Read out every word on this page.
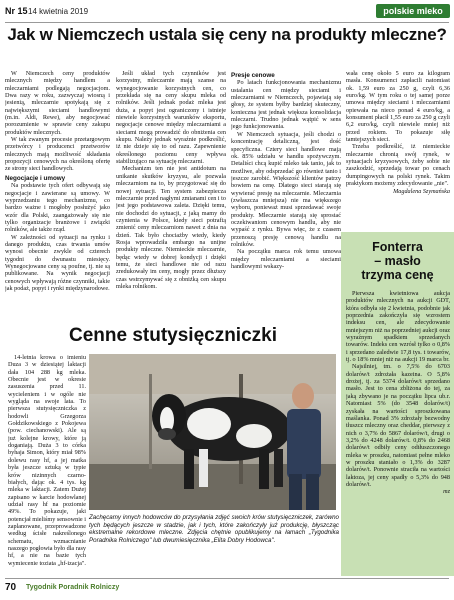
Nr 15 14 kwietnia 2019	polskie mleko
Jak w Niemczech ustala się ceny na produkty mleczne?

W Niemczech ceny produktów mlecznych między handlem a mleczarniami podlegają negocjacjom. Dwa razy w roku, zazwyczaj wiosną i jesienią, mleczarnie spotykają się z największymi sieciami handlowymi (m.in. Aldi, Rewe), aby negocjować porozumienie w sprawie ceny zakupu produktów mlecznych.

W tak zwanym procesie przetargowym przetwórcy i producenci przetworów mlecznych mają możliwość składania propozycji cenowych na określoną ofertę ze strony sieci handlowych.

Negocjacje i umowy

Na podstawie tych ofert odbywają się negocjacje i zawierane są umowy. W wyprzedzaniu tego mechanizmu, co bardzo ważne i mogłoby posłużyć jako wzór dla Polski, zaangażowały się nie tylko organizacje branżowe i związki rolników, ale także rząd.

W zależności od sytuacji na rynku i danego produktu, czas trwania umów wynosi obecnie zwykle od czterech tygodni do dwunastu miesięcy. Wynegocjowane ceny są poufne, tj. nie są publikowane. Na wynik negocjacji cenowych wpływają różne czynniki, takie jak podaż, popyt i rynki międzynarodowe.

Jeśli układ tych czynników jest korzystny, mleczarnie mają szanse na wynegocjowanie korzystnych cen, co przekłada się na ceny skupu mleka od rolników. Jeśli jednak podaż mleka jest duża, a popyt jest ograniczony i istnieje niewiele korzystnych warunków eksportu, negocjacje cenowe między mleczarniami a sieciami mogą prowadzić do obniżenia cen skupu. Należy jednak wyraźnie podkreślić, iż nie dzieje się to od razu. Zapewnienie określonego poziomu ceny wpływa stabilizująco na sytuację mleczarni.

Mechanizm ten nie jest antidotum na unikanie skutków kryzysu, ale pozwala mleczarniom na to, by przygotować się do nowej sytuacji. Ten system zabezpiecza mleczarnie przed nagłymi zmianami cen i to jest jego podstawowa zaleta. Dzięki temu, nie dochodzi do sytuacji, z jaką mamy do czynienia w Polsce, kiedy sieci potrafią zmienić ceny mleczarniom nawet z dnia na dzień. Tak było chociażby wtedy, kiedy Rosja wprowadziła embargo na unijne produkty mleczne. Niemieckie mleczarnie, będąc wtedy w dobrej kondycji i dzięki temu, że sieci handlowe nie od razu zredukowały im ceny, mogły przez dłuższy czas wstrzymywać się z obniżką cen skupu mleka rolnikom.

Presje cenowe

Po latach funkcjonowania mechanizmu ustalania cen między sieciami i mleczarniami w Niemczech, pojawiają się głosy, że system byłby bardziej skuteczny, konieczna jest jednak większa konsolidacja mleczarni. Trudno jednak wątpić w sens jego funkcjonowania.

W Niemczech sytuacja, jeśli chodzi o koncentrację detaliczną, jest dość specyficzna. Cztery sieci handlowe mają ok. 85% udziału w handlu spożywczym. Detaliści chcą kupić mleko tak tanio, jak to możliwe, aby odsprzedać go również tanio i jeszcze zarobić. Większość klientów patrzy bowiem na cenę. Dlatego sieci starają się wywierać presję na mleczarnie. Mleczarnia (zwłaszcza mniejsza) nie ma większego wyboru, ponieważ musi sprzedawać swoje produkty. Mleczarnie starają się sprostać oczekiwaniom cenowym handlu, aby nie wypaść z rynku. Bywa więc, że z czasem przenoszą presję cenową handlu na rolników.

Na początku marca rok temu umowa między mleczarniami a sieciami handlowymi wskazy-

wała cenę około 5 euro za kilogram masła. Konsumenci zapłacili natomiast ok. 1,59 euro za 250 g, czyli 6,36 euro/kg. W tym roku o tej samej porze umowa między sieciami i mleczarniami opiewała na nieco ponad 4 euro/kg, a konsument płacił 1,55 euro za 250 g czyli 6,2 euro/kg, czyli niewiele mniej niż przed rokiem. To pokazuje siłę tamtejszych sieci.

Trzeba podkreślić, iż niemieckie mleczarnie chronią swój rynek, w sytuacjach kryzysowych, żeby sobie nie zaszkodzić, sprzedają towar po cenach dumpingowych na polski rynek. Takim praktykom możemy zdecydowanie „nie".

Magdalena Szymańska
Fonterra
– masło
trzyma cenę

Pierwsza kwietniowa aukcja produktów mlecznych na aukcji GDT, która odbyła się 2 kwietnia, podobnie jak poprzednia zakończyła się wzrostem indeksu cen, ale zdecydowanie mniejszym niż na poprzedniej aukcji oraz wyraźnym spadkiem sprzedanych towarów. Indeks cen wzrósł tylko o 0,8% i sprzedano zaledwie 17,8 tys. t towarów, tj. o 18% mniej niż na aukcji 19 marca br.

Najsilniej, tm. o 7,5% do 6703 dolarów/t zdrożała kazeina. O 5,8% drożej, tj. za 5374 dolarów/t sprzedano masło. Jest to cena zbliżona do tej, za jaką zbywano je na początku lipca ub.r. Natomiast 5% (do 3548 dolarów/t) zyskała na wartości sproszkowana maślanka. Ponad 3% zdrożały bezwodny tłuszcz mleczny oraz cheddar, pierwszy z nich o 3,7% do 5867 dolarów/t, drugi o 3,2% do 4248 dolarów/t. 0,8% do 2468 dolarów/t odbiły ceny odtłuszczonego mleka w proszku, natomiast pełne mleko w proszku staniało o 1,3% do 3287 dolarów/t. Ponownie straciła na wartości laktoza, jej ceny spadły o 5,3% do 948 dolarów/t.

mz
Cenne stutysięczniczki

14-letnia krowa o imieniu Duza 3 w dziesiątej laktacji dała 104 288 kg mleka. Obecnie jest w okresie zasuszenia przed 11. wycieleniem i w ogóle nie wygląda na swoje lata. To pierwsza stutysięczniczka z hodowli Grzegorza Gołdzikowskiego z Pokojewa (pow. ciechanowski). Ale są już kolejne krowy, które ją doganiają. Duża 3 to córka byhaja Simon, który miał 98% dolewu rasy hf, a jej matka była jeszcze sztuką w typie krów nizinnych czarno-białych, dając ok. 4 tys. kg mleka w laktacji. Zatem Dużej zapisano w karcie hodowlanej udział rasy hf na poziomie 49%. To pokazuje, jaki potencjał mieliśmy sensownie i zaplanowane, przeprowadzone według ścisłe nakreślonego schematu, wzmacnianie naszego pogłowia było dla rasy hf, a nie na bazie tych wymiecenie toziata „hf-izacja".

Zachęcamy innych hodowców do przysyłania zdjęć swoich krów stutysięczniczek, zarówno tych będących jeszcze w stadzie, jak i tych, które zakończyły już produkcję, błyszcząc ekstremalne rekordowe mleczne. Zdjęcia chętnie opublikujemy na łamach „Tygodnika Poradnika Rolniczego" lub dwumiesięcznika „Elita Dobry Hodowca".
70 Tygodnik Poradnik Rolniczy
